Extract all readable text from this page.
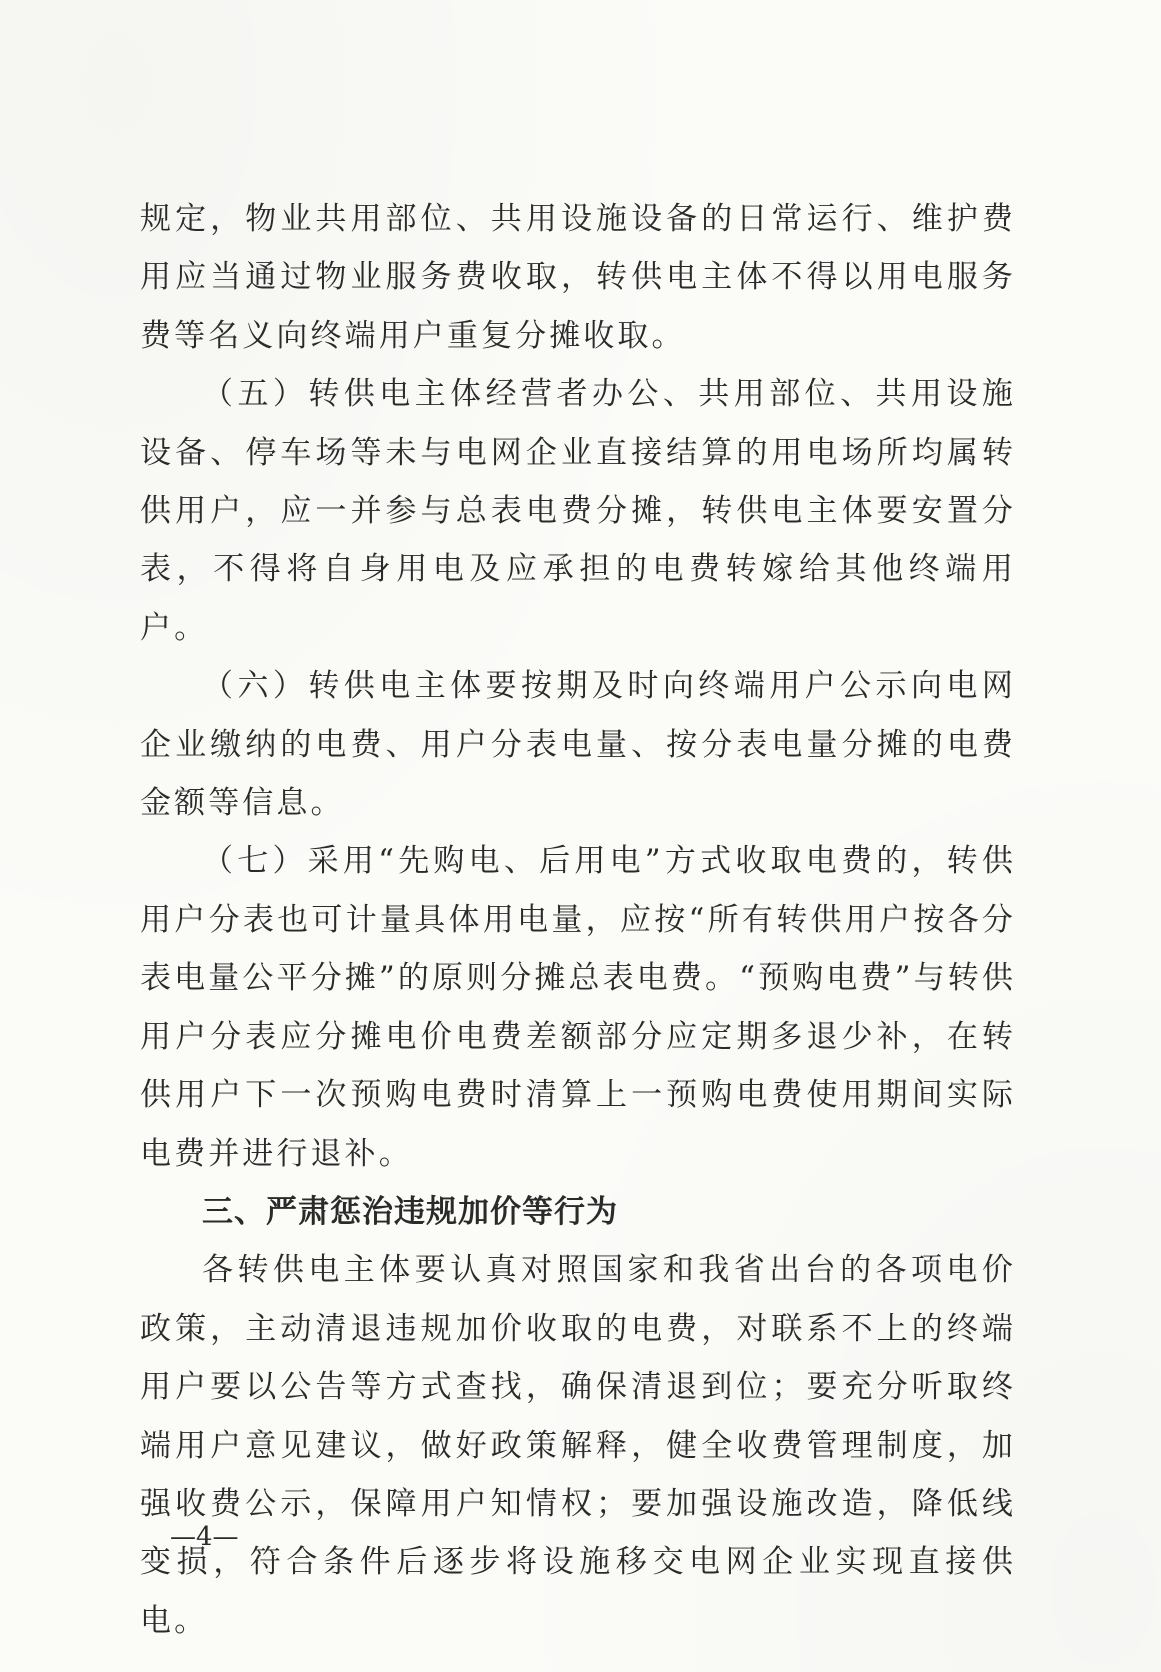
规定，物业共用部位、共用设施设备的日常运行、维护费用应当通过物业服务费收取，转供电主体不得以用电服务费等名义向终端用户重复分摊收取。

（五）转供电主体经营者办公、共用部位、共用设施设备、停车场等未与电网企业直接结算的用电场所均属转供用户，应一并参与总表电费分摊，转供电主体要安置分表，不得将自身用电及应承担的电费转嫁给其他终端用户。

（六）转供电主体要按期及时向终端用户公示向电网企业缴纳的电费、用户分表电量、按分表电量分摊的电费金额等信息。

（七）采用“先购电、后用电”方式收取电费的，转供用户分表也可计量具体用电量，应按“所有转供用户按各分表电量公平分摊”的原则分摊总表电费。“预购电费”与转供用户分表应分摊电价电费差额部分应定期多退少补，在转供用户下一次预购电费时清算上一预购电费使用期间实际电费并进行退补。

三、严肃惩治违规加价等行为

各转供电主体要认真对照国家和我省出台的各项电价政策，主动清退违规加价收取的电费，对联系不上的终端用户要以公告等方式查找，确保清退到位；要充分听取终端用户意见建议，做好政策解释，健全收费管理制度，加强收费公示，保障用户知情权；要加强设施改造，降低线变损，符合条件后逐步将设施移交电网企业实现直接供电。

—4—
